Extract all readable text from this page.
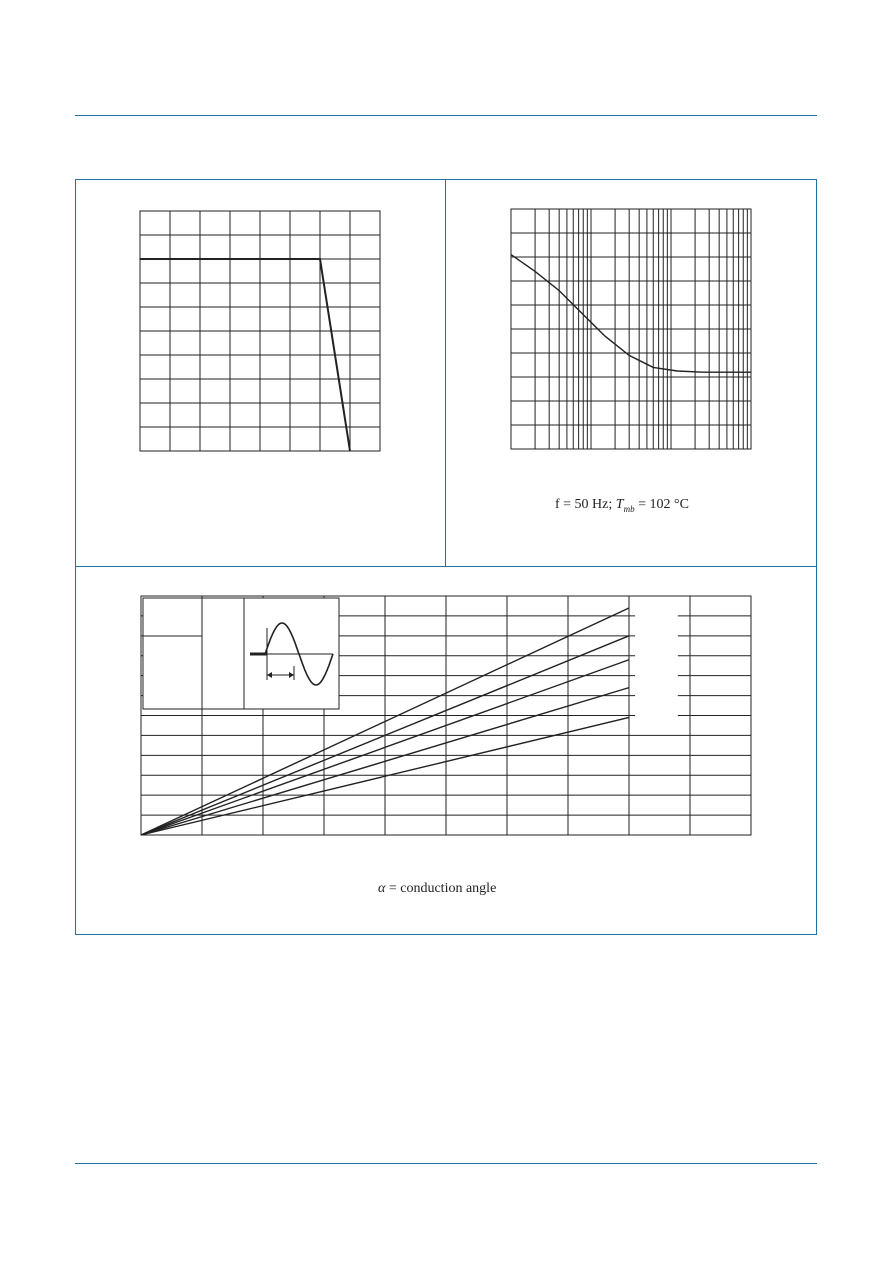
f = 50 Hz; $T_{mb} = 102$ °C
α = conduction angle
